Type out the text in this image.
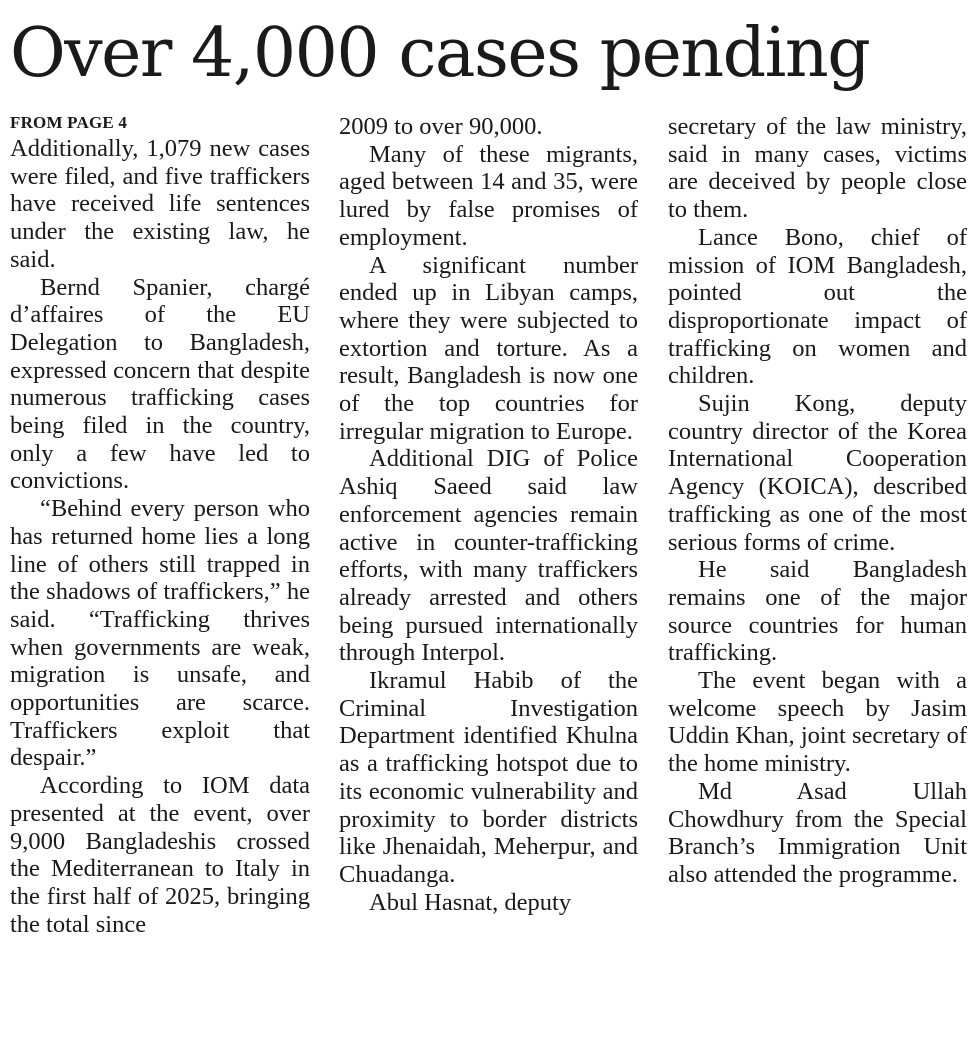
Over 4,000 cases pending
FROM PAGE 4

Additionally, 1,079 new cases were filed, and five traffickers have received life sentences under the existing law, he said.

Bernd Spanier, chargé d’affaires of the EU Delegation to Bangladesh, expressed concern that despite numerous trafficking cases being filed in the country, only a few have led to convictions.

“Behind every person who has returned home lies a long line of others still trapped in the shadows of traffickers,” he said. “Trafficking thrives when governments are weak, migration is unsafe, and opportunities are scarce. Traffickers exploit that despair.”

According to IOM data presented at the event, over 9,000 Bangladeshis crossed the Mediterranean to Italy in the first half of 2025, bringing the total since

2009 to over 90,000.

Many of these migrants, aged between 14 and 35, were lured by false promises of employment.

A significant number ended up in Libyan camps, where they were subjected to extortion and torture. As a result, Bangladesh is now one of the top countries for irregular migration to Europe.

Additional DIG of Police Ashiq Saeed said law enforcement agencies remain active in counter-trafficking efforts, with many traffickers already arrested and others being pursued internationally through Interpol.

Ikramul Habib of the Criminal Investigation Department identified Khulna as a trafficking hotspot due to its economic vulnerability and proximity to border districts like Jhenaidah, Meherpur, and Chuadanga.

Abul Hasnat, deputy

secretary of the law ministry, said in many cases, victims are deceived by people close to them.

Lance Bono, chief of mission of IOM Bangladesh, pointed out the disproportionate impact of trafficking on women and children.

Sujin Kong, deputy country director of the Korea International Cooperation Agency (KOICA), described trafficking as one of the most serious forms of crime.

He said Bangladesh remains one of the major source countries for human trafficking.

The event began with a welcome speech by Jasim Uddin Khan, joint secretary of the home ministry.

Md Asad Ullah Chowdhury from the Special Branch’s Immigration Unit also attended the programme.
